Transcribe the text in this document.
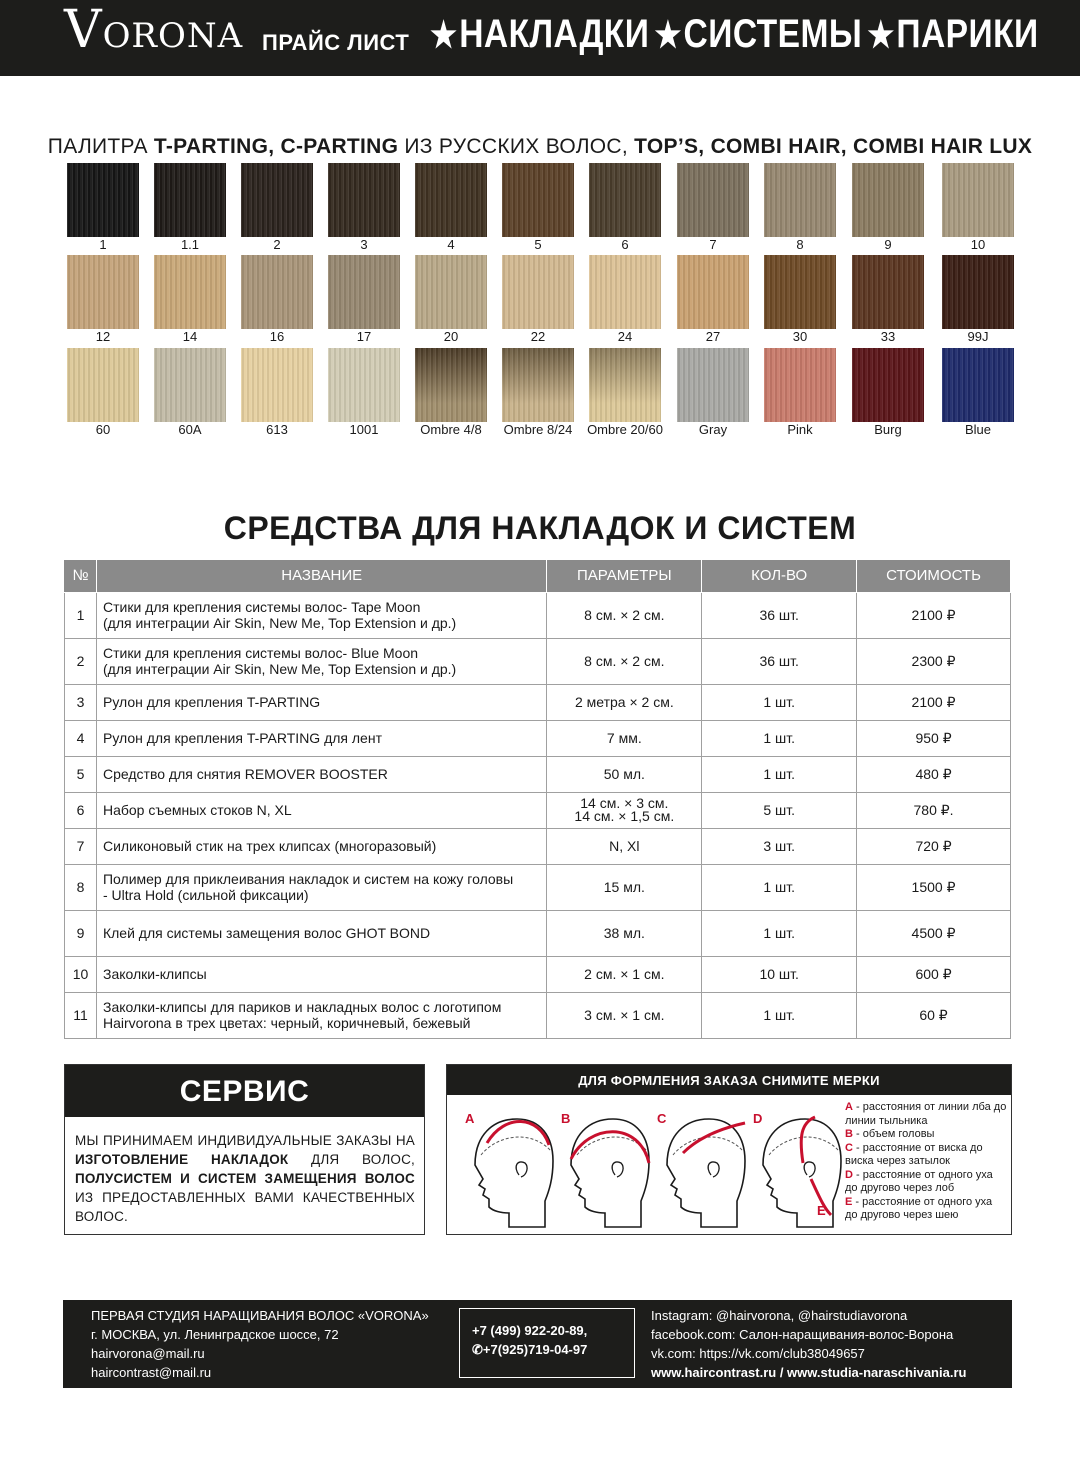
VORONA ПРАЙС ЛИСТ ★ НАКЛАДКИ ★ СИСТЕМЫ ★ ПАРИКИ
ПАЛИТРА T-PARTING, C-PARTING ИЗ РУССКИХ ВОЛОС, TOP’S, COMBI HAIR, COMBI HAIR LUX
1	1.1	2	3	4	5	6	7	8	9	10
12	14	16	17	20	22	24	27	30	33	99J
60	60A	613	1001	Ombre 4/8	Ombre 8/24	Ombre 20/60	Gray	Pink	Burg	Blue
СРЕДСТВА ДЛЯ НАКЛАДОК И СИСТЕМ
№	НАЗВАНИЕ	ПАРАМЕТРЫ	КОЛ-ВО	СТОИМОСТЬ
1	Стики для крепления системы волос- Tape Moon
(для интеграции Air Skin, New Me, Top Extension и др.)	8 см. × 2 см.	36 шт.	2100 ₽
2	Стики для крепления системы волос- Blue Moon
(для интеграции Air Skin, New Me, Top Extension и др.)	8 см. × 2 см.	36 шт.	2300 ₽
3	Рулон для крепления T-PARTING	2 метра × 2 см.	1 шт.	2100 ₽
4	Рулон для крепления T-PARTING для лент	7 мм.	1 шт.	950 ₽
5	Средство для снятия REMOVER BOOSTER	50 мл.	1 шт.	480 ₽
6	Набор съемных стоков N, XL	14 см. × 3 см.
14 см. × 1,5 см.	5 шт.	780 ₽.
7	Силиконовый стик на трех клипсах (многоразовый)	N, Xl	3 шт.	720 ₽
8	Полимер для приклеивания накладок и систем на кожу головы
- Ultra Hold (сильной фиксации)	15 мл.	1 шт.	1500 ₽
9	Клей для системы замещения волос GHOT BOND	38 мл.	1 шт.	4500 ₽
10	Заколки-клипсы	2 см. × 1 см.	10 шт.	600 ₽
11	Заколки-клипсы для париков и накладных волос с логотипом
Hairvorona в трех цветах: черный, коричневый, бежевый	3 см. × 1 см.	1 шт.	60 ₽
СЕРВИС
МЫ ПРИНИМАЕМ ИНДИВИДУАЛЬНЫЕ ЗАКАЗЫ НА ИЗГОТОВЛЕНИЕ НАКЛАДОК ДЛЯ ВОЛОС, ПОЛУСИСТЕМ И СИСТЕМ ЗАМЕЩЕНИЯ ВОЛОС ИЗ ПРЕДОСТАВЛЕННЫХ ВАМИ КАЧЕСТВЕННЫХ ВОЛОС.
ДЛЯ ФОРМЛЕНИЯ ЗАКАЗА СНИМИТЕ МЕРКИ
A	B	C	D
E
A - расстояния от линии лба до линии тыльника
B - объем головы
C - расстояние от виска до виска через затылок
D - расстояние от одного уха до другово через лоб
E - расстояние от одного уха до другово через шею
ПЕРВАЯ СТУДИЯ НАРАЩИВАНИЯ ВОЛОС «VORONA»
г. МОСКВА, ул. Ленинградское шоссе, 72
hairvorona@mail.ru
haircontrast@mail.ru
+7 (499) 922-20-89,
✆+7(925)719-04-97
Instagram: @hairvorona, @hairstudiavorona
facebook.com: Салон-наращивания-волос-Ворона
vk.com: https://vk.com/club38049657
www.haircontrast.ru / www.studia-naraschivania.ru
